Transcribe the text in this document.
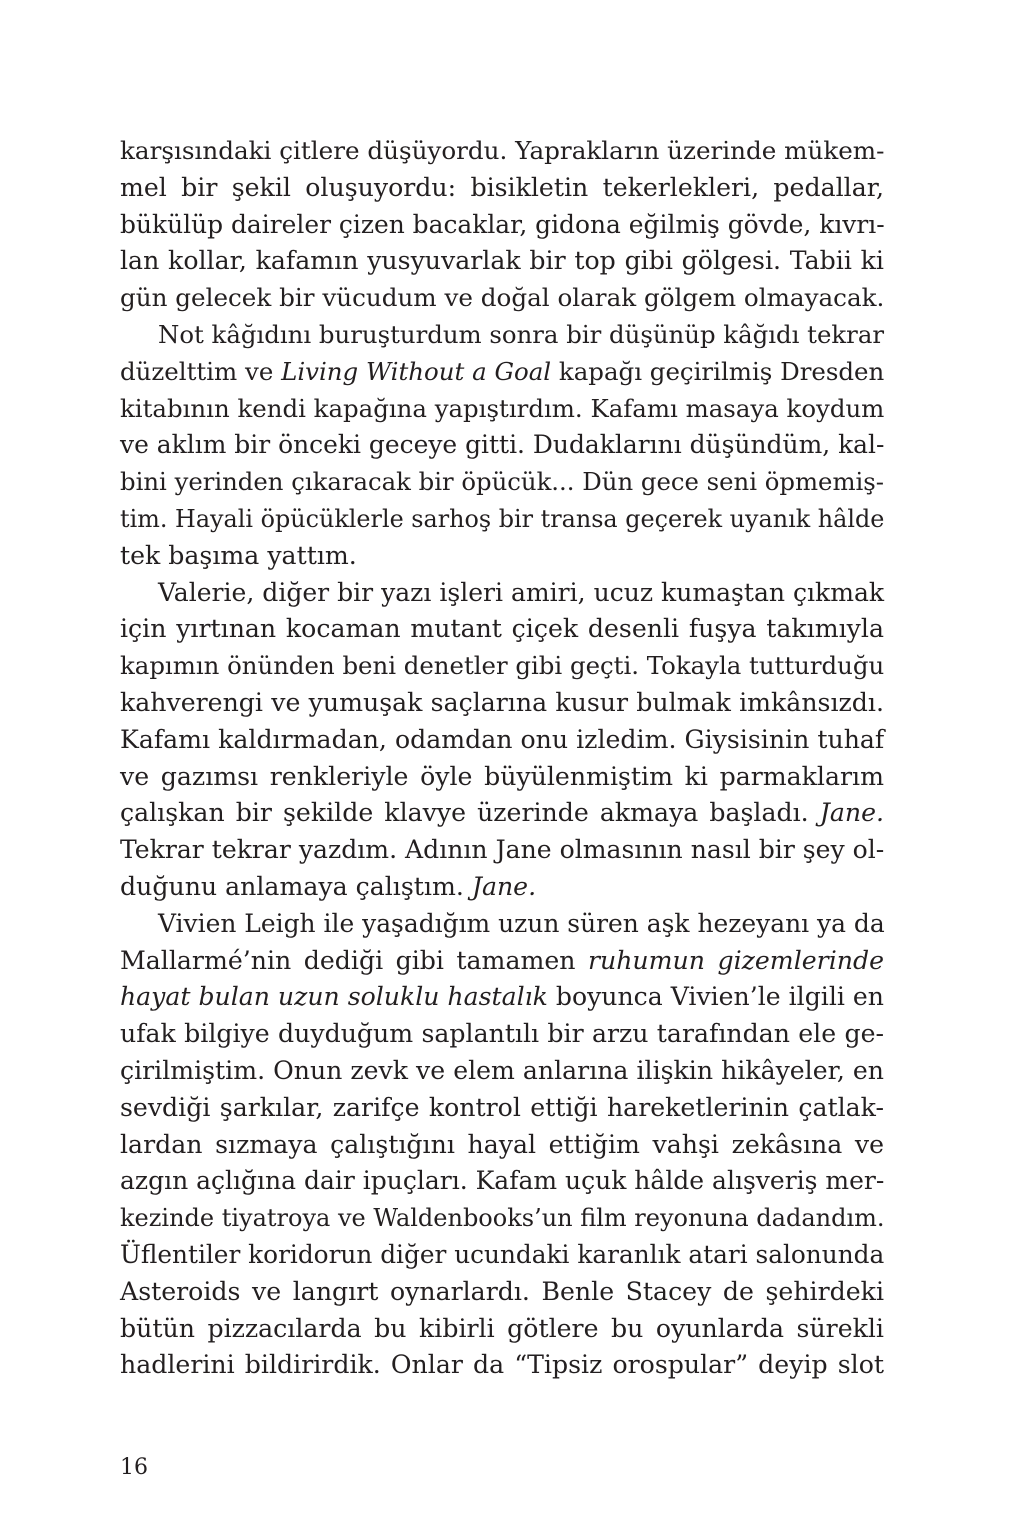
karşısındaki çitlere düşüyordu. Yaprakların üzerinde mükem-
mel bir şekil oluşuyordu: bisikletin tekerlekleri, pedallar,
bükülüp daireler çizen bacaklar, gidona eğilmiş gövde, kıvrı-
lan kollar, kafamın yusyuvarlak bir top gibi gölgesi. Tabii ki
gün gelecek bir vücudum ve doğal olarak gölgem olmayacak.
Not kâğıdını buruşturdum sonra bir düşünüp kâğıdı tekrar
düzelttim ve Living Without a Goal kapağı geçirilmiş Dresden
kitabının kendi kapağına yapıştırdım. Kafamı masaya koydum
ve aklım bir önceki geceye gitti. Dudaklarını düşündüm, kal-
bini yerinden çıkaracak bir öpücük... Dün gece seni öpmemiş-
tim. Hayali öpücüklerle sarhoş bir transa geçerek uyanık hâlde
tek başıma yattım.
Valerie, diğer bir yazı işleri amiri, ucuz kumaştan çıkmak
için yırtınan kocaman mutant çiçek desenli fuşya takımıyla
kapımın önünden beni denetler gibi geçti. Tokayla tutturduğu
kahverengi ve yumuşak saçlarına kusur bulmak imkânsızdı.
Kafamı kaldırmadan, odamdan onu izledim. Giysisinin tuhaf
ve gazımsı renkleriyle öyle büyülenmiştim ki parmaklarım
çalışkan bir şekilde klavye üzerinde akmaya başladı. Jane.
Tekrar tekrar yazdım. Adının Jane olmasının nasıl bir şey ol-
duğunu anlamaya çalıştım. Jane.
Vivien Leigh ile yaşadığım uzun süren aşk hezeyanı ya da
Mallarmé’nin dediği gibi tamamen ruhumun gizemlerinde
hayat bulan uzun soluklu hastalık boyunca Vivien’le ilgili en
ufak bilgiye duyduğum saplantılı bir arzu tarafından ele ge-
çirilmiştim. Onun zevk ve elem anlarına ilişkin hikâyeler, en
sevdiği şarkılar, zarifçe kontrol ettiği hareketlerinin çatlak-
lardan sızmaya çalıştığını hayal ettiğim vahşi zekâsına ve
azgın açlığına dair ipuçları. Kafam uçuk hâlde alışveriş mer-
kezinde tiyatroya ve Waldenbooks’un film reyonuna dadandım.
Üflentiler koridorun diğer ucundaki karanlık atari salonunda
Asteroids ve langırt oynarlardı. Benle Stacey de şehirdeki
bütün pizzacılarda bu kibirli götlere bu oyunlarda sürekli
hadlerini bildirirdik. Onlar da “Tipsiz orospular” deyip slot
16
